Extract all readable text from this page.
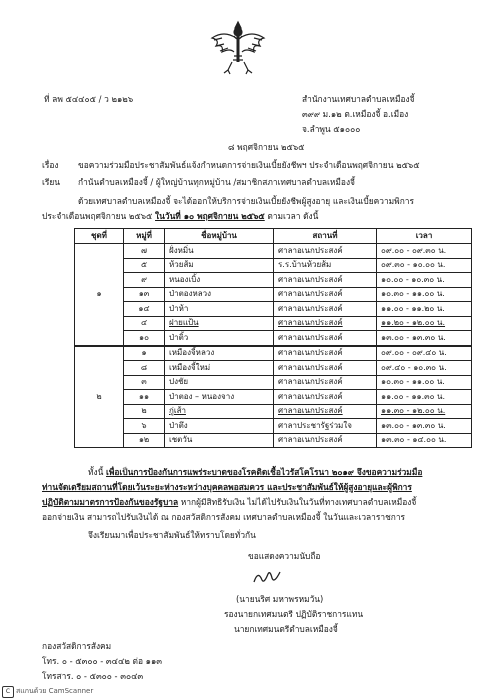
ที่ ลพ ๕๔๔๐๕ / ว ๒๑๒๖	สำนักงานเทศบาลตำบลเหมืองจี้
๓๙๙ ม.๑๒ ต.เหมืองจี้ อ.เมือง
จ.ลำพูน ๕๑๐๐๐
๘ พฤศจิกายน ๒๕๖๕
เรื่อง ขอความร่วมมือประชาสัมพันธ์แจ้งกำหนดการจ่ายเงินเบี้ยยังชีพฯ ประจำเดือนพฤศจิกายน ๒๕๖๕
เรียน กำนันตำบลเหมืองจี้ / ผู้ใหญ่บ้านทุกหมู่บ้าน /สมาชิกสภาเทศบาลตำบลเหมืองจี้
ด้วยเทศบาลตำบลเหมืองจี้ จะได้ออกให้บริการจ่ายเงินเบี้ยยังชีพผู้สูงอายุ และเงินเบี้ยความพิการ
ประจำเดือนพฤศจิกายน ๒๕๖๕ ในวันที่ ๑๐ พฤศจิกายน ๒๕๖๕ ตามเวลา ดังนี้
ชุดที่	หมู่ที่	ชื่อหมู่บ้าน	สถานที่	เวลา
	๗	ฝั่งหมิ่น	ศาลาอเนกประสงค์	๐๙.๐๐ - ๐๙.๓๐ น.
	๕	ห้วยส้ม	ร.ร.บ้านห้วยส้ม	๐๙.๓๐ - ๑๐.๐๐ น.
	๙	หนองเบิ้ง	ศาลาอเนกประสงค์	๑๐.๐๐ - ๑๐.๓๐ น.
๑	๑๓	ป่าตองหลวง	ศาลาอเนกประสงค์	๑๐.๓๐ - ๑๑.๐๐ น.
	๑๔	ป่าห้า	ศาลาอเนกประสงค์	๑๑.๐๐ - ๑๑.๒๐ น.
	๔	ฝายแป้น	ศาลาอเนกประสงค์	๑๑.๒๐ - ๑๒.๐๐ น.
	๑๐	ป่าติ้ว	ศาลาอเนกประสงค์	๑๓.๐๐ - ๑๓.๓๐ น.
	๑	เหมืองจี้หลวง	ศาลาอเนกประสงค์	๐๙.๐๐ - ๐๙.๔๐ น.
	๘	เหมืองจี้ใหม่	ศาลาอเนกประสงค์	๐๙.๔๐ - ๑๐.๓๐ น.
	๓	ปงชัย	ศาลาอเนกประสงค์	๑๐.๓๐ - ๑๑.๐๐ น.
๒	๑๑	ป่าตอง – หนองจาง	ศาลาอเนกประสงค์	๑๑.๐๐ - ๑๑.๓๐ น.
	๒	กู่เส้า	ศาลาอเนกประสงค์	๑๑.๓๐ - ๑๒.๐๐ น.
	๖	ป่าตึง	ศาลาประชารัฐร่วมใจ	๑๓.๐๐ - ๑๓.๓๐ น.
	๑๒	เชตวัน	ศาลาอเนกประสงค์	๑๓.๓๐ - ๑๔.๐๐ น.
ทั้งนี้ เพื่อเป็นการป้องกันการแพร่ระบาดของโรคติดเชื้อไวรัสโคโรนา ๒๐๑๙ จึงขอความร่วมมือ
ท่านจัดเตรียมสถานที่โดยเว้นระยะห่างระหว่างบุคคลพอสมควร และประชาสัมพันธ์ให้ผู้สูงอายุและผู้พิการ
ปฏิบัติตามมาตรการป้องกันของรัฐบาล หากผู้มีสิทธิรับเงิน ไม่ได้ไปรับเงินในวันที่ทางเทศบาลตำบลเหมืองจี้
ออกจ่ายเงิน สามารถไปรับเงินได้ ณ กองสวัสดิการสังคม เทศบาลตำบลเหมืองจี้ ในวันและเวลาราชการ
จึงเรียนมาเพื่อประชาสัมพันธ์ให้ทราบโดยทั่วกัน
ขอแสดงความนับถือ
(นายนริศ มหาพรหมวัน)
รองนายกเทศมนตรี ปฏิบัติราชการแทน
นายกเทศมนตรีตำบลเหมืองจี้
กองสวัสดิการสังคม
โทร. ๐ - ๕๓๐๐ - ๓๔๔๒ ต่อ ๑๑๓
โทรสาร. ๐ - ๕๓๐๐ - ๓๐๔๓
C สแกนด้วย CamScanner
